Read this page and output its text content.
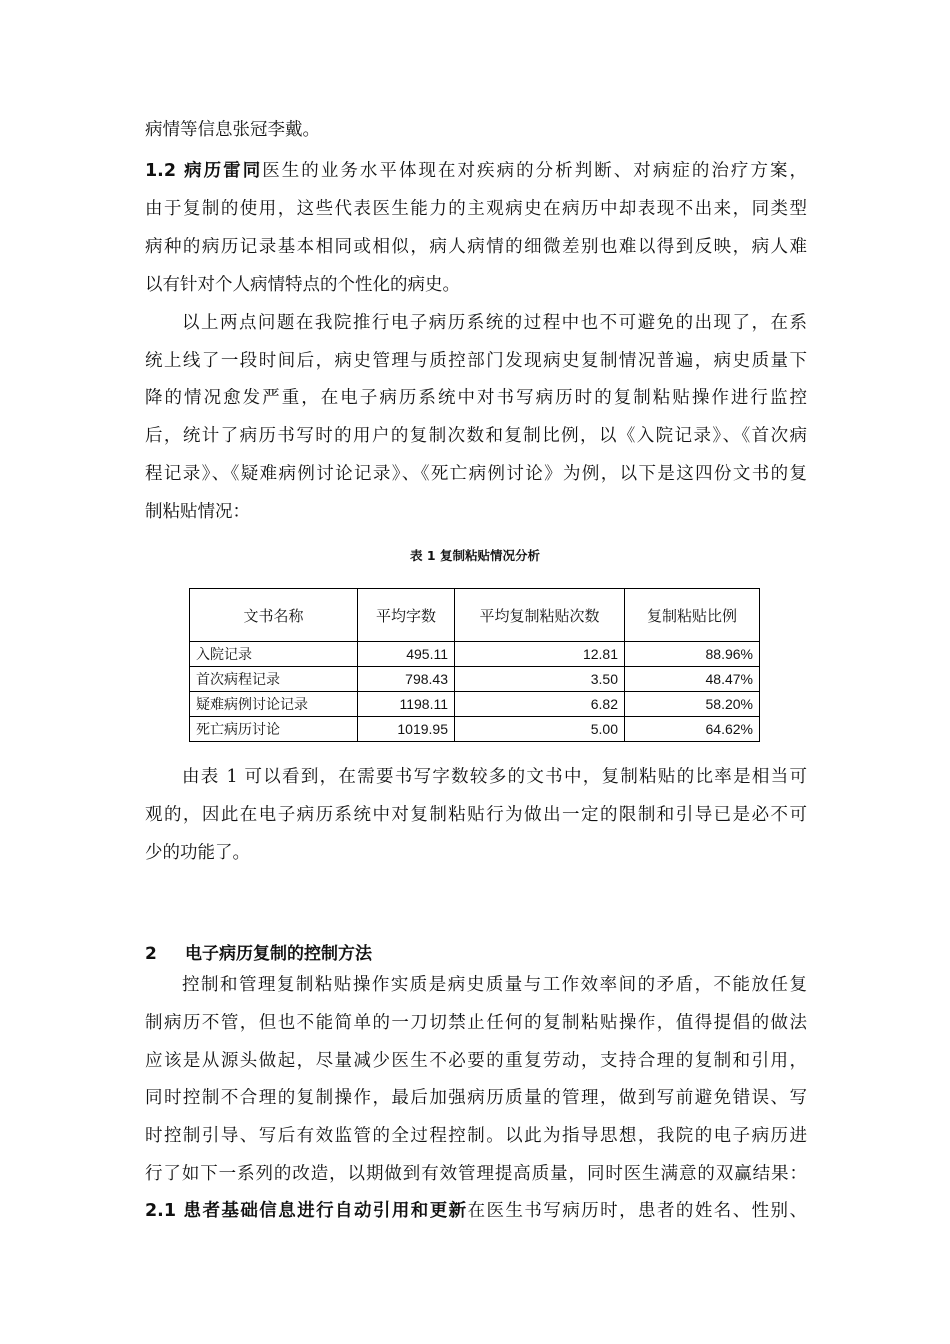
病情等信息张冠李戴。
1.2 病历雷同医生的业务水平体现在对疾病的分析判断、对病症的治疗方案，
由于复制的使用，这些代表医生能力的主观病史在病历中却表现不出来，同类型
病种的病历记录基本相同或相似，病人病情的细微差别也难以得到反映，病人难
以有针对个人病情特点的个性化的病史。
以上两点问题在我院推行电子病历系统的过程中也不可避免的出现了，在系
统上线了一段时间后，病史管理与质控部门发现病史复制情况普遍，病史质量下
降的情况愈发严重，在电子病历系统中对书写病历时的复制粘贴操作进行监控
后，统计了病历书写时的用户的复制次数和复制比例，以《入院记录》、《首次病
程记录》、《疑难病例讨论记录》、《死亡病例讨论》为例，以下是这四份文书的复
制粘贴情况：
表 1 复制粘贴情况分析
文书名称	平均字数	平均复制粘贴次数	复制粘贴比例
入院记录	495.11	12.81	88.96%
首次病程记录	798.43	3.50	48.47%
疑难病例讨论记录	1198.11	6.82	58.20%
死亡病历讨论	1019.95	5.00	64.62%
由表 1 可以看到，在需要书写字数较多的文书中，复制粘贴的比率是相当可
观的，因此在电子病历系统中对复制粘贴行为做出一定的限制和引导已是必不可
少的功能了。
2 电子病历复制的控制方法
控制和管理复制粘贴操作实质是病史质量与工作效率间的矛盾，不能放任复
制病历不管，但也不能简单的一刀切禁止任何的复制粘贴操作，值得提倡的做法
应该是从源头做起，尽量减少医生不必要的重复劳动，支持合理的复制和引用，
同时控制不合理的复制操作，最后加强病历质量的管理，做到写前避免错误、写
时控制引导、写后有效监管的全过程控制。以此为指导思想，我院的电子病历进
行了如下一系列的改造，以期做到有效管理提高质量，同时医生满意的双赢结果：
2.1 患者基础信息进行自动引用和更新在医生书写病历时，患者的姓名、性别、
